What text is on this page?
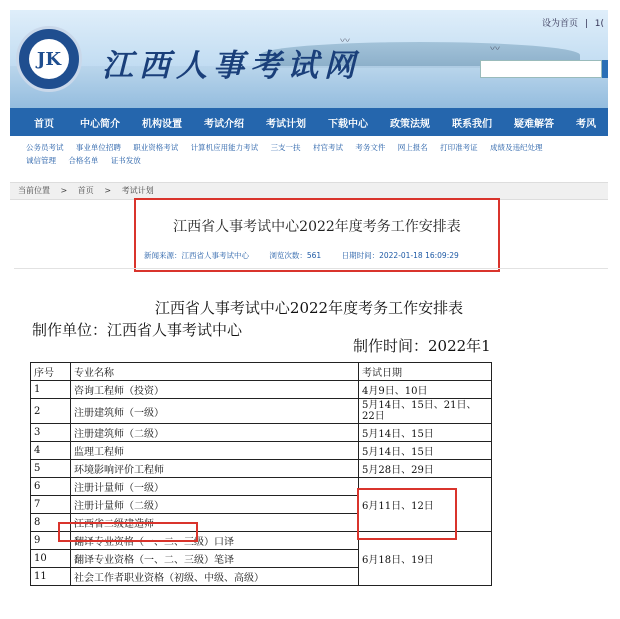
〰
〰
JK 江西人事考试网
设为首页 | 1(
首页	中心简介 机构设置 考试介绍 考试计划 下载中心 政策法规 联系我们 疑难解答 考风
公务员考试 事业单位招聘 职业资格考试 计算机应用能力考试 三支一扶 村官考试 考务文件 网上报名 打印准考证 成绩及违纪处理
诚信管理 合格名单 证书发放
当前位置 > 首页 > 考试计划
江西省人事考试中心2022年度考务工作安排表
新闻来源：江西省人事考试中心	浏览次数：561	日期时间：2022-01-18 16:09:29
江西省人事考试中心2022年度考务工作安排表
制作单位：江西省人事考试中心
制作时间：2022年1
序号	专业名称	考试日期
1	咨询工程师（投资）	4月9日、10日
2	注册建筑师（一级）	5月14日、15日、21日、22日
3	注册建筑师（二级）	5月14日、15日
4	监理工程师	5月14日、15日
5	环境影响评价工程师	5月28日、29日
6	注册计量师（一级）	6月11日、12日
7	注册计量师（二级）	
8	江西省二级建造师	
9	翻译专业资格（一、二、三级）口译	6月18日、19日
10	翻译专业资格（一、二、三级）笔译	
11	社会工作者职业资格（初级、中级、高级）	
